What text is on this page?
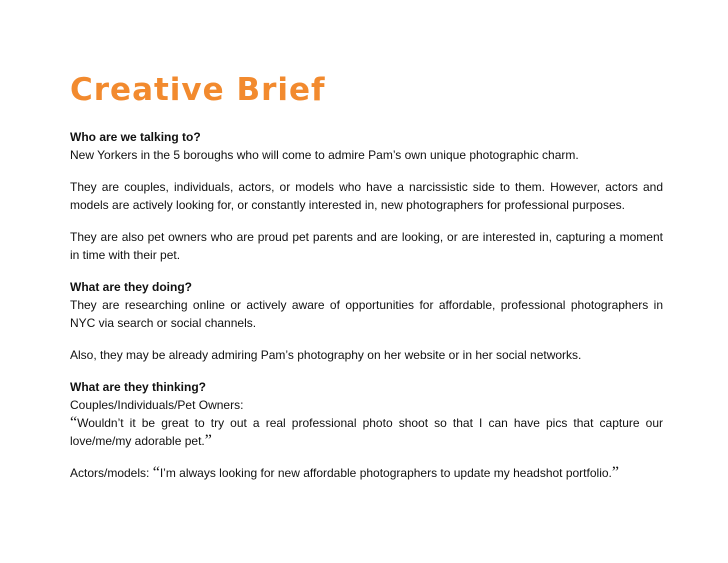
Creative Brief

Who are we talking to?

New Yorkers in the 5 boroughs who will come to admire Pam’s own unique photographic charm.

They are couples, individuals, actors, or models who have a narcissistic side to them. However, actors and models are actively looking for, or constantly interested in, new photographers for professional purposes.

They are also pet owners who are proud pet parents and are looking, or are interested in, capturing a moment in time with their pet.

What are they doing?

They are researching online or actively aware of opportunities for affordable, professional photographers in NYC via search or social channels.

Also, they may be already admiring Pam’s photography on her website or in her social networks.

What are they thinking?

Couples/Individuals/Pet Owners:

“Wouldn’t it be great to try out a real professional photo shoot so that I can have pics that capture our love/me/my adorable pet.”

Actors/models: “I’m always looking for new affordable photographers to update my headshot portfolio.”
